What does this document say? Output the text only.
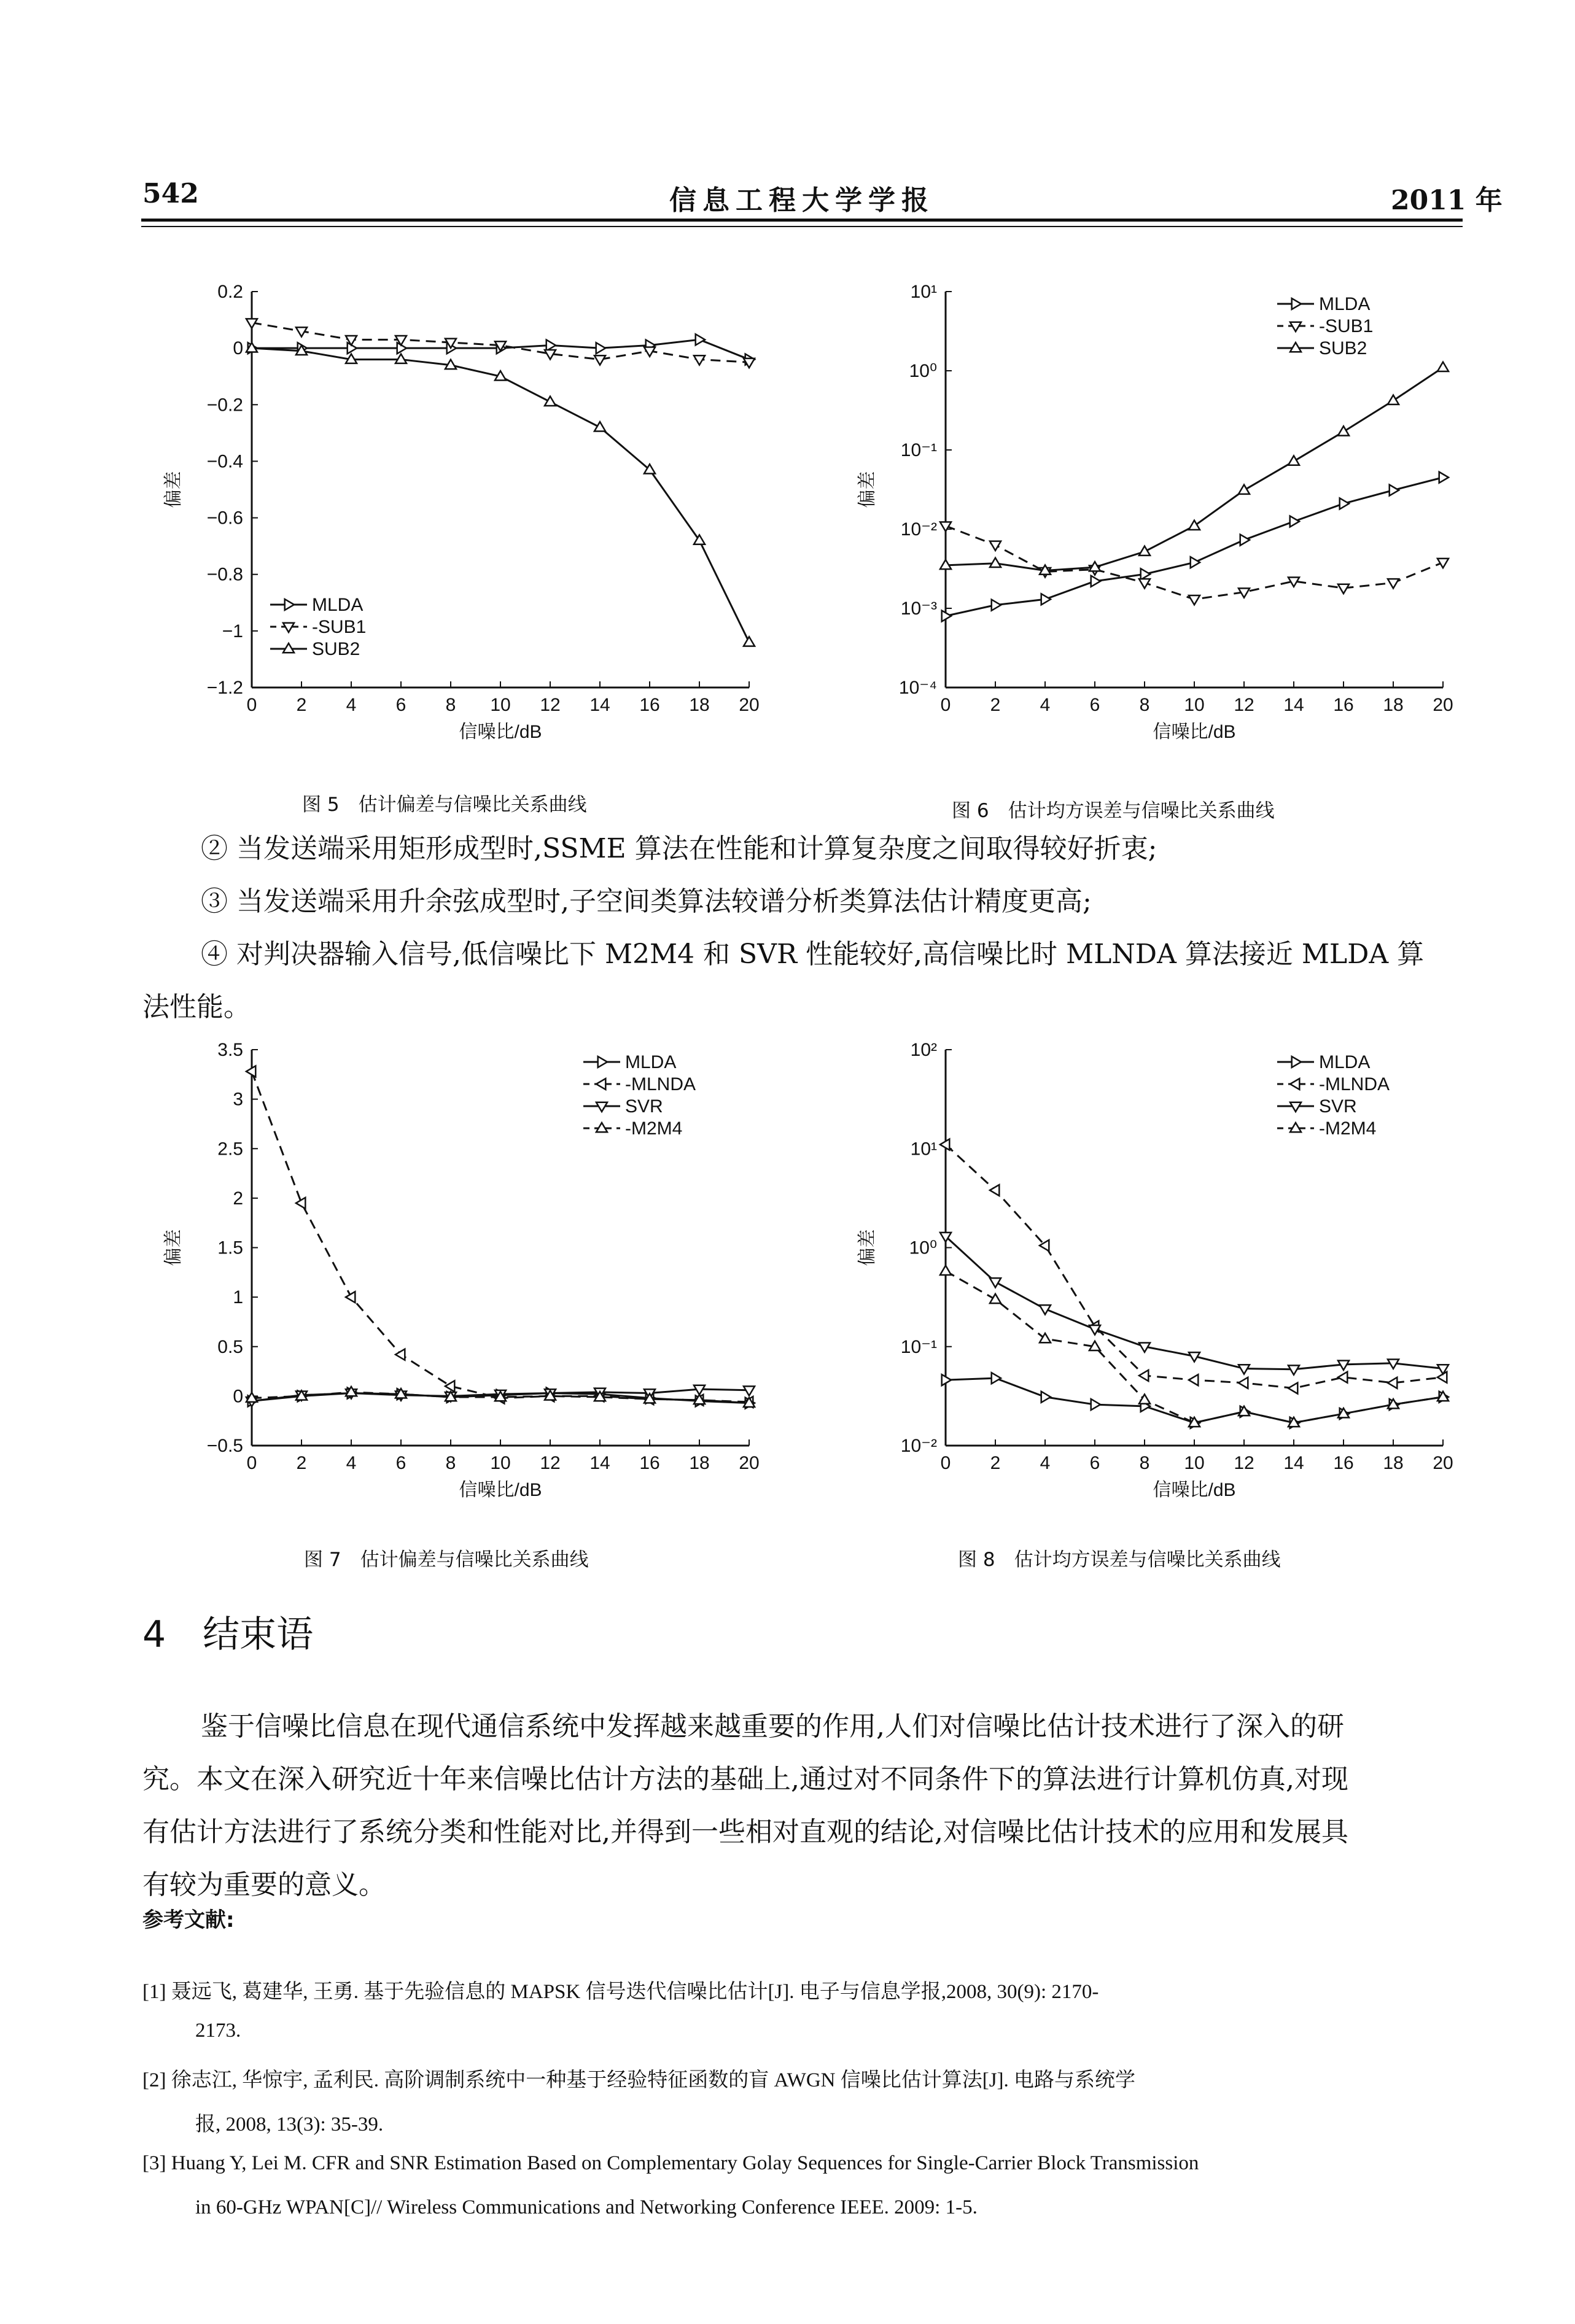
542	信息工程大学学报	2011 年
0 2 4 6 8 10 12 14 16 18 20
0.2
0
−0.2
−0.4
−0.6
−0.8
−1
−1.2
信噪比/dB
偏差
MLDA
-SUB1
SUB2
0 2 4 6 8 10 12 14 16 18 20
10¹
10⁰
10⁻¹
10⁻²
10⁻³
10⁻⁴
信噪比/dB
偏差
MLDA
-SUB1
SUB2
图 5　估计偏差与信噪比关系曲线	图 6　估计均方误差与信噪比关系曲线
② 当发送端采用矩形成型时,SSME 算法在性能和计算复杂度之间取得较好折衷;
③ 当发送端采用升余弦成型时,子空间类算法较谱分析类算法估计精度更高;
④ 对判决器输入信号,低信噪比下 M2M4 和 SVR 性能较好,高信噪比时 MLNDA 算法接近 MLDA 算
法性能。
0 2 4 6 8 10 12 14 16 18 20
3.5
3
2.5
2
1.5
1
0.5
0
−0.5
信噪比/dB
偏差
MLDA
-MLNDA
SVR
-M2M4
0 2 4 6 8 10 12 14 16 18 20
10²
10¹
10⁰
10⁻¹
10⁻²
信噪比/dB
偏差
MLDA
-MLNDA
SVR
-M2M4
图 7　估计偏差与信噪比关系曲线	图 8　估计均方误差与信噪比关系曲线
4　结束语
鉴于信噪比信息在现代通信系统中发挥越来越重要的作用,人们对信噪比估计技术进行了深入的研
究。本文在深入研究近十年来信噪比估计方法的基础上,通过对不同条件下的算法进行计算机仿真,对现
有估计方法进行了系统分类和性能对比,并得到一些相对直观的结论,对信噪比估计技术的应用和发展具
有较为重要的意义。
参考文献:
[1] 聂远飞, 葛建华, 王勇. 基于先验信息的 MAPSK 信号迭代信噪比估计[J]. 电子与信息学报,2008, 30(9): 2170-
2173.
[2] 徐志江, 华惊宇, 孟利民. 高阶调制系统中一种基于经验特征函数的盲 AWGN 信噪比估计算法[J]. 电路与系统学
报, 2008, 13(3): 35-39.
[3] Huang Y, Lei M. CFR and SNR Estimation Based on Complementary Golay Sequences for Single-Carrier Block Transmission
in 60-GHz WPAN[C]// Wireless Communications and Networking Conference IEEE. 2009: 1-5.
